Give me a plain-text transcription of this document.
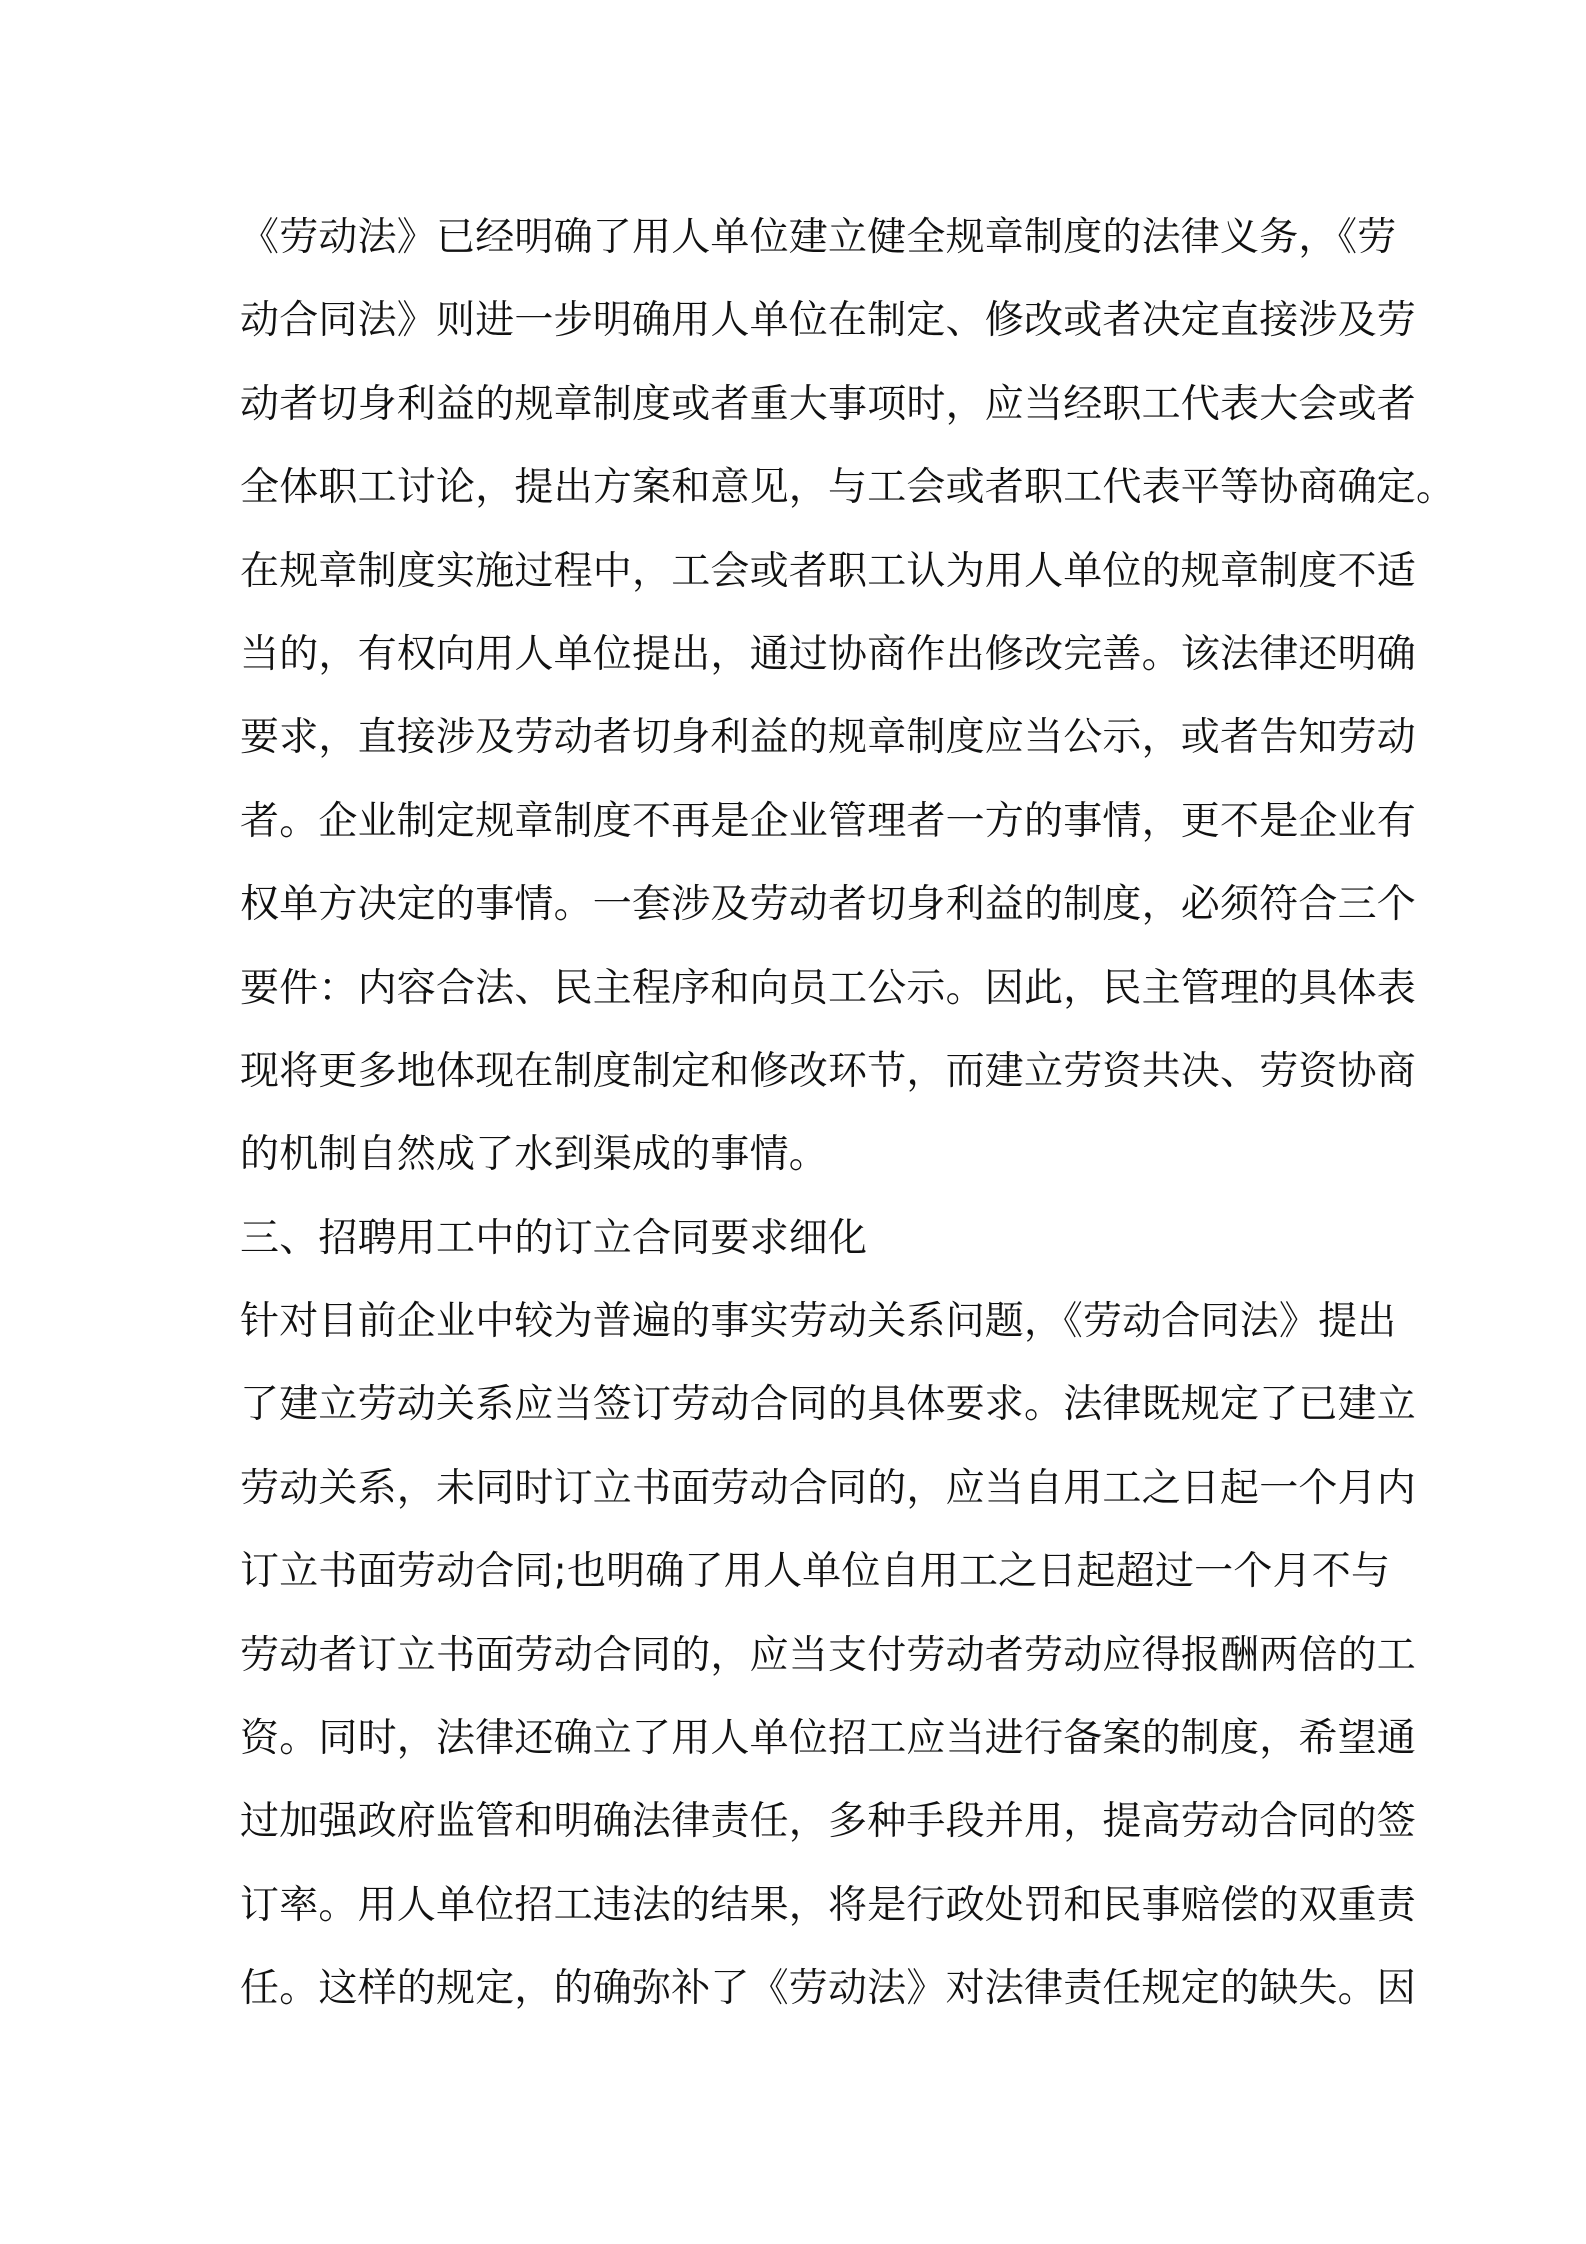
《劳动法》已经明确了用人单位建立健全规章制度的法律义务，《劳
动合同法》则进一步明确用人单位在制定、修改或者决定直接涉及劳
动者切身利益的规章制度或者重大事项时，应当经职工代表大会或者
全体职工讨论，提出方案和意见，与工会或者职工代表平等协商确定。
在规章制度实施过程中，工会或者职工认为用人单位的规章制度不适
当的，有权向用人单位提出，通过协商作出修改完善。该法律还明确
要求，直接涉及劳动者切身利益的规章制度应当公示，或者告知劳动
者。企业制定规章制度不再是企业管理者一方的事情，更不是企业有
权单方决定的事情。一套涉及劳动者切身利益的制度，必须符合三个
要件：内容合法、民主程序和向员工公示。因此，民主管理的具体表
现将更多地体现在制度制定和修改环节，而建立劳资共决、劳资协商
的机制自然成了水到渠成的事情。
三、招聘用工中的订立合同要求细化
针对目前企业中较为普遍的事实劳动关系问题，《劳动合同法》提出
了建立劳动关系应当签订劳动合同的具体要求。法律既规定了已建立
劳动关系，未同时订立书面劳动合同的，应当自用工之日起一个月内
订立书面劳动合同;也明确了用人单位自用工之日起超过一个月不与
劳动者订立书面劳动合同的，应当支付劳动者劳动应得报酬两倍的工
资。同时，法律还确立了用人单位招工应当进行备案的制度，希望通
过加强政府监管和明确法律责任，多种手段并用，提高劳动合同的签
订率。用人单位招工违法的结果，将是行政处罚和民事赔偿的双重责
任。这样的规定，的确弥补了《劳动法》对法律责任规定的缺失。因
